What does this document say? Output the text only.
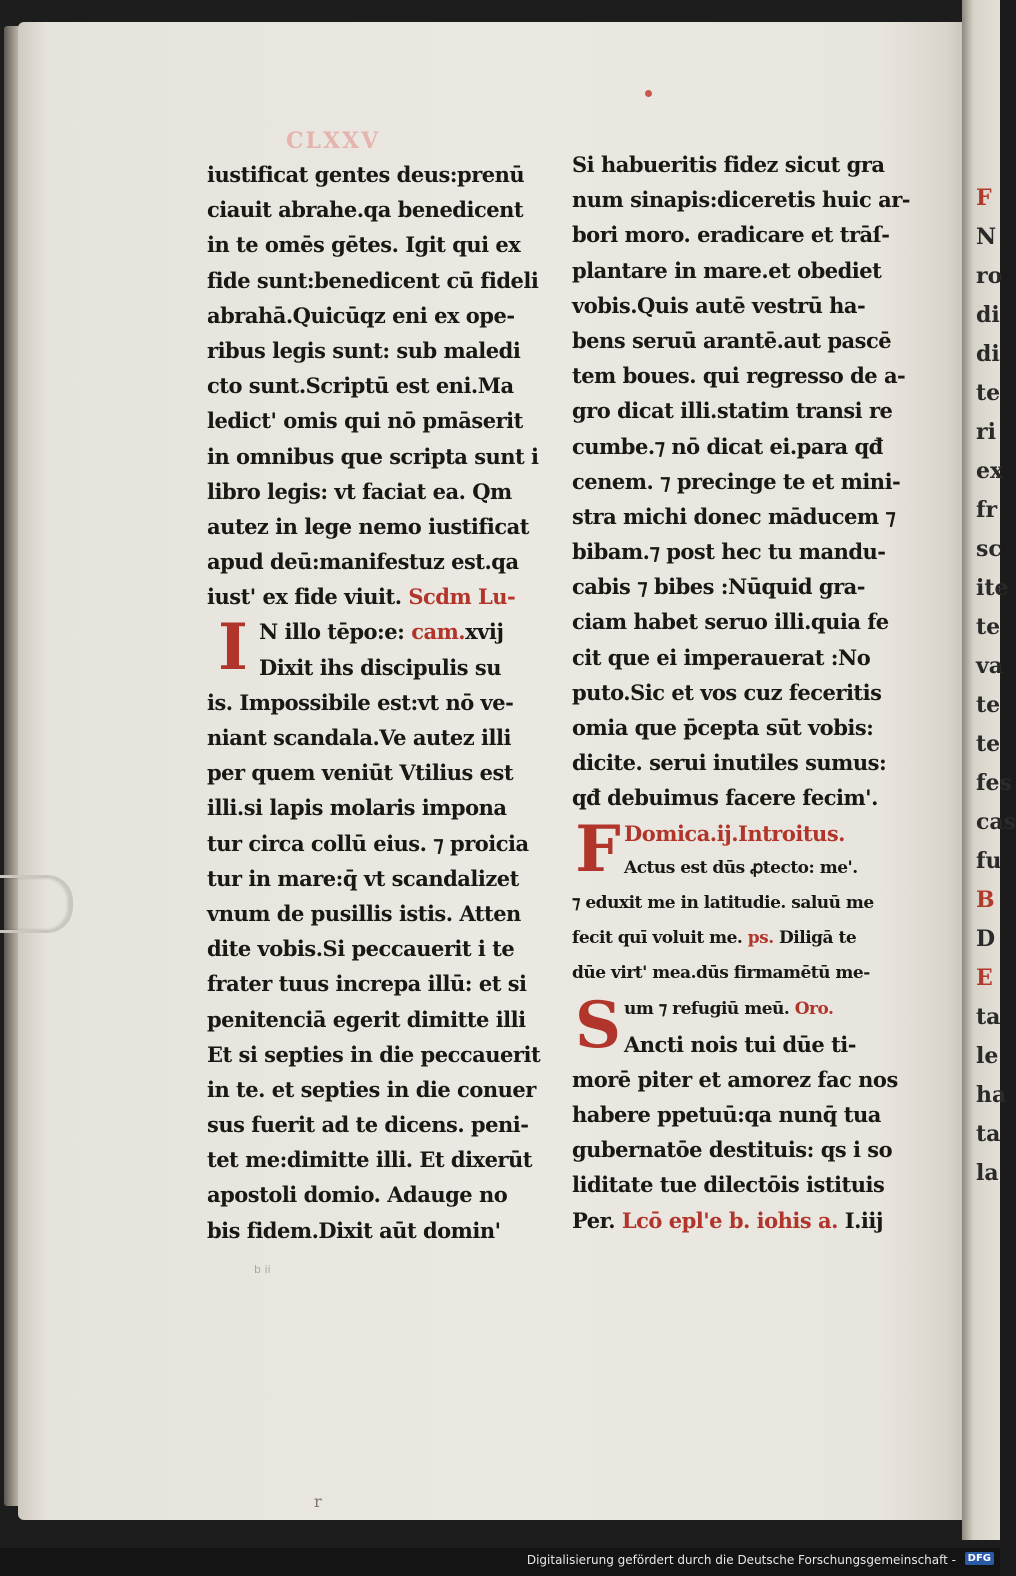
F
N
ro
di
di
te
ri
ex
fr
sc
ite
te
va
te
te
fes
cas
fu
B
D
E
ta
le
ha
ta
la
CLXXV
b ii
r
iustificat gentes deus:prenū
ciauit abrahe.qa benedicent
in te omēs gētes. Igit qui ex
fide sunt:benedicent cū fideli
abrahā.Quicūqz eni ex ope-
ribus legis sunt: sub maledi
cto sunt.Scriptū est eni.Ma
ledict' omis qui nō pmāserit
in omnibus que scripta sunt i
libro legis: vt faciat ea. Qm
autez in lege nemo iustificat
apud deū:manifestuz est.qa
iust' ex fide viuit. Scdm Lu-
I N illo tēpo:e: cam.xvij
Dixit ihs discipulis su
is. Impossibile est:vt nō ve-
niant scandala.Ve autez illi
per quem veniūt Vtilius est
illi.si lapis molaris impona
tur circa collū eius. ⁊ proicia
tur in mare:q̄ vt scandalizet
vnum de pusillis istis. Atten
dite vobis.Si peccauerit i te
frater tuus increpa illū: et si
penitenciā egerit dimitte illi
Et si septies in die peccauerit
in te. et septies in die conuer
sus fuerit ad te dicens. peni-
tet me:dimitte illi. Et dixerūt
apostoli domio. Adauge no
bis fidem.Dixit aūt domin'
Si habueritis fidez sicut gra
num sinapis:diceretis huic ar-
bori moro. eradicare et trāſ-
plantare in mare.et obediet
vobis.Quis autē vestrū ha-
bens seruū arantē.aut pascē
tem boues. qui regresso de a-
gro dicat illi.statim transi re
cumbe.⁊ nō dicat ei.para qđ
cenem. ⁊ precinge te et mini-
stra michi donec māducem ⁊
bibam.⁊ post hec tu mandu-
cabis ⁊ bibes :Nūquid gra-
ciam habet seruo illi.quia fe
cit que ei imperauerat :No
puto.Sic et vos cuz feceritis
omia que p̄cepta sūt vobis:
dicite. serui inutiles sumus:
qđ debuimus facere fecim'.
F Domica.ij.Introitus.
Actus est dūs ꝓtecto: me'.
⁊ eduxit me in latitudie. saluū me
fecit quī voluit me. ps. Diligā te
dūe virt' mea.dūs firmamētū me-
S um ⁊ refugiū meū. Oro.
Ancti nois tui dūe ti-
morē piter et amorez fac nos
habere ppetuū:qa nunq̄ tua
gubernatōe destituis: qs i so
liditate tue dilectōis istituis
Per. Lcō epl'e b. iohis a. I.iij
Digitalisierung gefördert durch die Deutsche Forschungsgemeinschaft -	DFG
